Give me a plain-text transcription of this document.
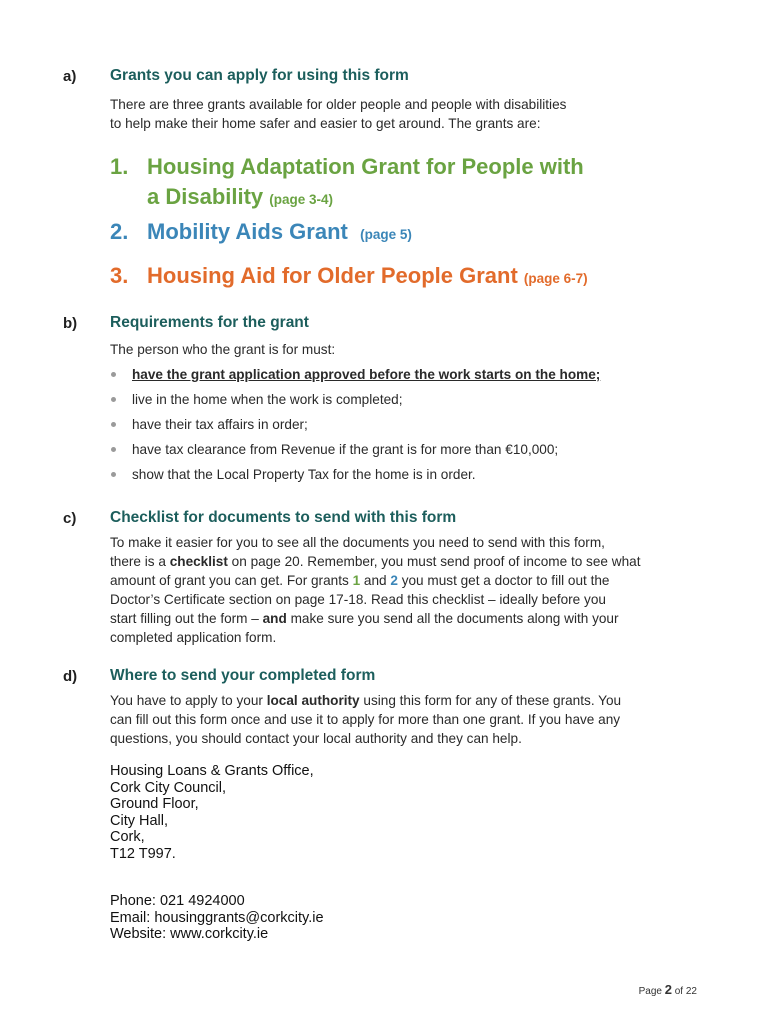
a) Grants you can apply for using this form
There are three grants available for older people and people with disabilities
to help make their home safer and easier to get around. The grants are:
1. Housing Adaptation Grant for People with
a Disability (page 3-4)
2. Mobility Aids Grant (page 5)
3. Housing Aid for Older People Grant (page 6-7)
b) Requirements for the grant
The person who the grant is for must:
have the grant application approved before the work starts on the home;
live in the home when the work is completed;
have their tax affairs in order;
have tax clearance from Revenue if the grant is for more than €10,000;
show that the Local Property Tax for the home is in order.
c) Checklist for documents to send with this form
To make it easier for you to see all the documents you need to send with this form,
there is a checklist on page 20. Remember, you must send proof of income to see what
amount of grant you can get. For grants 1 and 2 you must get a doctor to fill out the
Doctor’s Certificate section on page 17-18. Read this checklist – ideally before you
start filling out the form – and make sure you send all the documents along with your
completed application form.
d) Where to send your completed form
You have to apply to your local authority using this form for any of these grants. You
can fill out this form once and use it to apply for more than one grant. If you have any
questions, you should contact your local authority and they can help.
Housing Loans & Grants Office,
Cork City Council,
Ground Floor,
City Hall,
Cork,
T12 T997.
Phone: 021 4924000
Email: housinggrants@corkcity.ie
Website: www.corkcity.ie
Page 2 of 22
